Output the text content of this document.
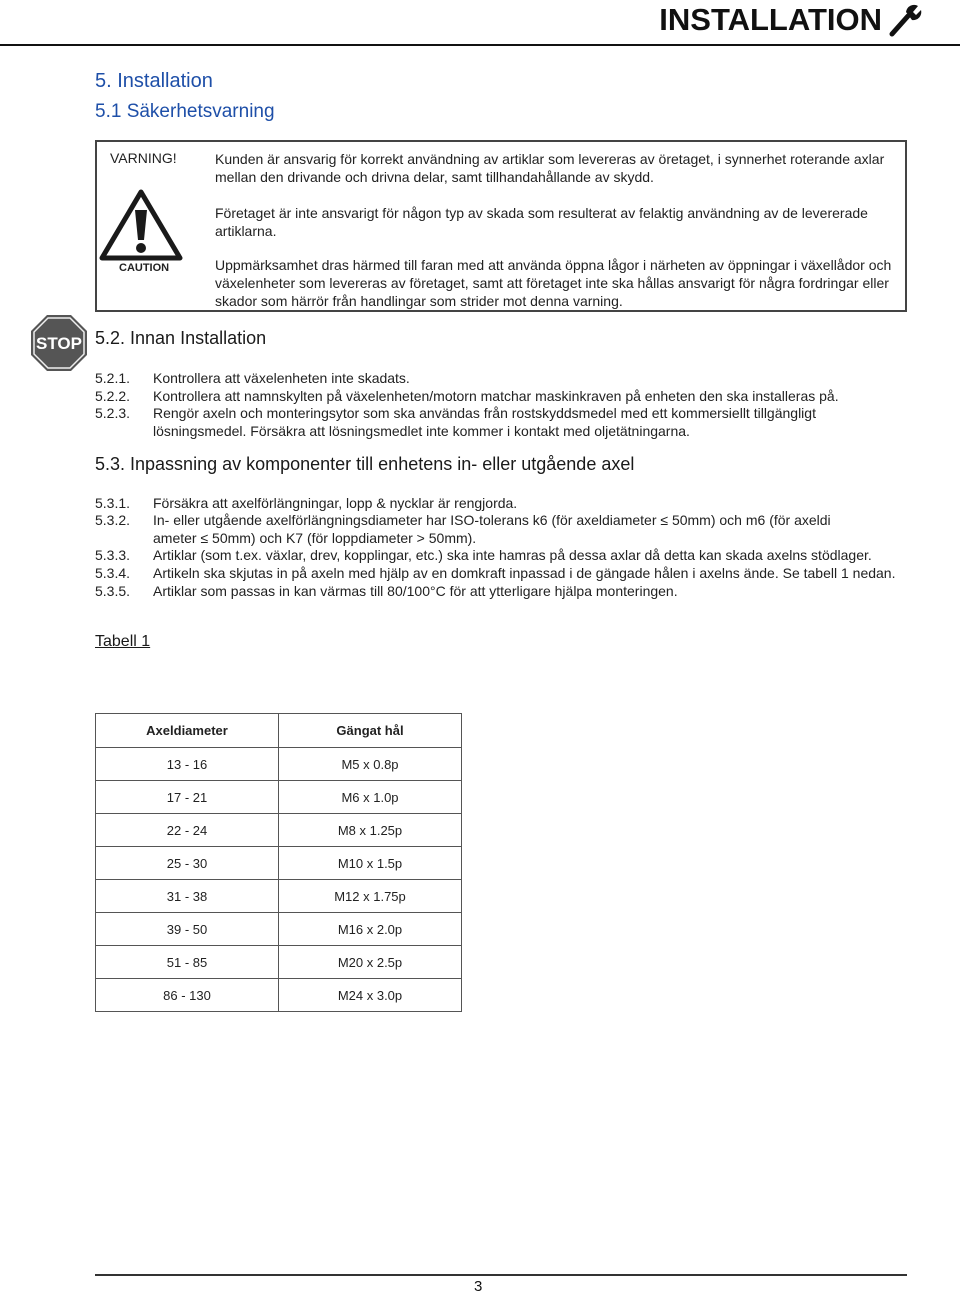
INSTALLATION
5. Installation
5.1 Säkerhetsvarning
VARNING!	Kunden är ansvarig för korrekt användning av artiklar som levereras av öretaget, i synnerhet roterande axlar mellan den drivande och drivna delar, samt tillhandahållande av skydd.
Företaget är inte ansvarigt för någon typ av skada som resulterat av felaktig användning av de levererade artiklarna.
Uppmärksamhet dras härmed till faran med att använda öppna lågor i närheten av öppningar i växellådor och växelenheter som levereras av företaget, samt att företaget inte ska hållas ansvarigt för några fordringar eller skador som härrör från handlingar som strider mot denna varning.
CAUTION
STOP 5.2. Innan Installation
5.2.1. Kontrollera att växelenheten inte skadats.
5.2.2. Kontrollera att namnskylten på växelenheten/motorn matchar maskinkraven på enheten den ska installeras på.
5.2.3. Rengör axeln och monteringsytor som ska användas från rostskyddsmedel med ett kommersiellt tillgängligt lösningsmedel. Försäkra att lösningsmedlet inte kommer i kontakt med oljetätningarna.
5.3. Inpassning av komponenter till enhetens in- eller utgående axel
5.3.1. Försäkra att axelförlängningar, lopp & nycklar är rengjorda.
5.3.2. In- eller utgående axelförlängningsdiameter har ISO-tolerans k6 (för axeldiameter ≤ 50mm) och m6 (för axeldi ameter ≤ 50mm) och K7 (för loppdiameter > 50mm).
5.3.3. Artiklar (som t.ex. växlar, drev, kopplingar, etc.) ska inte hamras på dessa axlar då detta kan skada axelns stödlager.
5.3.4. Artikeln ska skjutas in på axeln med hjälp av en domkraft inpassad i de gängade hålen i axelns ände. Se tabell 1 nedan.
5.3.5. Artiklar som passas in kan värmas till 80/100°C för att ytterligare hjälpa monteringen.
Tabell 1
Axeldiameter	Gängat hål
13 - 16	M5 x 0.8p
17 - 21	M6 x 1.0p
22 - 24	M8 x 1.25p
25 - 30	M10 x 1.5p
31 - 38	M12 x 1.75p
39 - 50	M16 x 2.0p
51 - 85	M20 x 2.5p
86 - 130	M24 x 3.0p
3
